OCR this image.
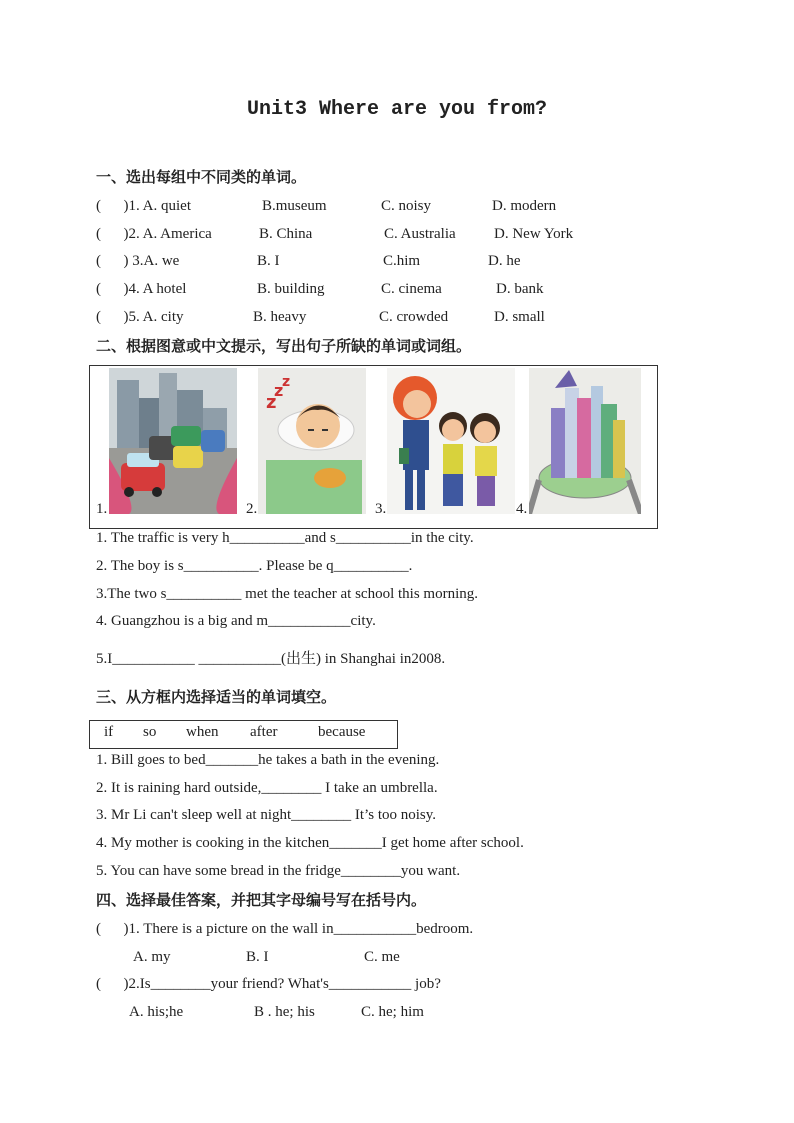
Unit3 Where are you from?
一、选出每组中不同类的单词。
(      )1. A. quiet	B.museum	C. noisy	D. modern
(      )2. A. America	B. China	C. Australia	D. New York
(      ) 3.A. we	B. I	C.him	D. he
(      )4. A hotel	B. building	C. cinema	D. bank
(      )5. A. city	B. heavy	C. crowded	D. small
二、根据图意或中文提示，写出句子所缺的单词或词组。
1.
z
z
z
2.	3.	4.
1. The traffic is very h__________and s__________in the city.
2. The boy is s__________. Please be q__________.
3.The two s__________ met the teacher at school this morning.
4. Guangzhou is a big and m___________city.
5.I___________ ___________(出生) in Shanghai in2008.
三、从方框内选择适当的单词填空。
if so when after	because
1. Bill goes to bed_______he takes a bath in the evening.
2. It is raining hard outside,________ I take an umbrella.
3. Mr Li can't sleep well at night________ It’s too noisy.
4. My mother is cooking in the kitchen_______I get home after school.
5. You can have some bread in the fridge________you want.
四、选择最佳答案，并把其字母编号写在括号内。
(      )1. There is a picture on the wall in___________bedroom.
A. my	B. I	C. me
(      )2.Is________your friend? What's___________ job?
A. his;he	B . he; his	C. he; him
